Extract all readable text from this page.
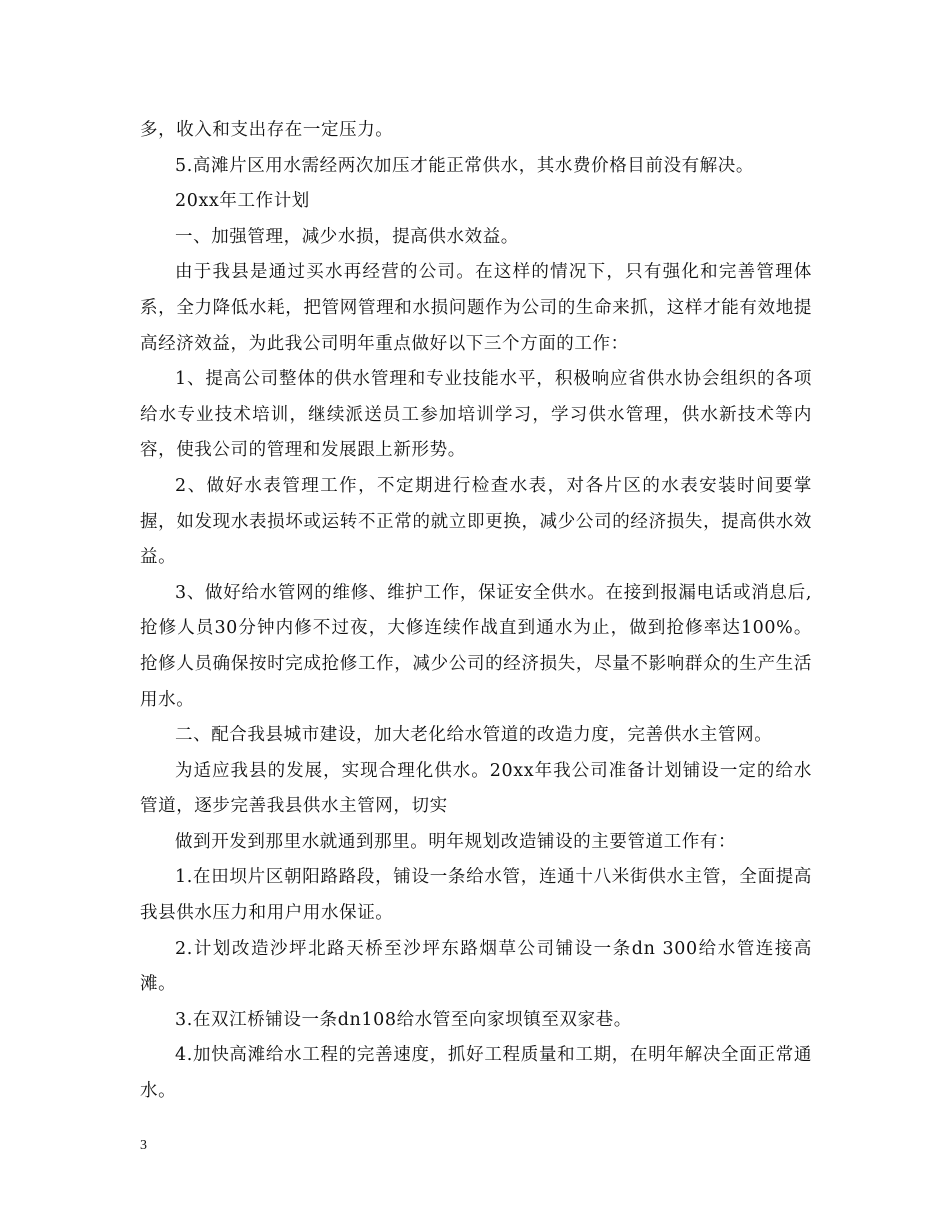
多，收入和支出存在一定压力。

5.高滩片区用水需经两次加压才能正常供水，其水费价格目前没有解决。

20xx年工作计划

一、加强管理，减少水损，提高供水效益。

由于我县是通过买水再经营的公司。在这样的情况下，只有强化和完善管理体系，全力降低水耗，把管网管理和水损问题作为公司的生命来抓，这样才能有效地提高经济效益，为此我公司明年重点做好以下三个方面的工作：

1、提高公司整体的供水管理和专业技能水平，积极响应省供水协会组织的各项给水专业技术培训，继续派送员工参加培训学习，学习供水管理，供水新技术等内容，使我公司的管理和发展跟上新形势。

2、做好水表管理工作，不定期进行检查水表，对各片区的水表安装时间要掌握，如发现水表损坏或运转不正常的就立即更换，减少公司的经济损失，提高供水效益。

3、做好给水管网的维修、维护工作，保证安全供水。在接到报漏电话或消息后,抢修人员30分钟内修不过夜，大修连续作战直到通水为止，做到抢修率达100%。抢修人员确保按时完成抢修工作，减少公司的经济损失，尽量不影响群众的生产生活用水。

二、配合我县城市建设，加大老化给水管道的改造力度，完善供水主管网。

为适应我县的发展，实现合理化供水。20xx年我公司准备计划铺设一定的给水管道，逐步完善我县供水主管网，切实

做到开发到那里水就通到那里。明年规划改造铺设的主要管道工作有：

1.在田坝片区朝阳路路段，铺设一条给水管，连通十八米街供水主管，全面提高我县供水压力和用户用水保证。

2.计划改造沙坪北路天桥至沙坪东路烟草公司铺设一条dn 300给水管连接高滩。

3.在双江桥铺设一条dn108给水管至向家坝镇至双家巷。

4.加快高滩给水工程的完善速度，抓好工程质量和工期，在明年解决全面正常通水。

3
